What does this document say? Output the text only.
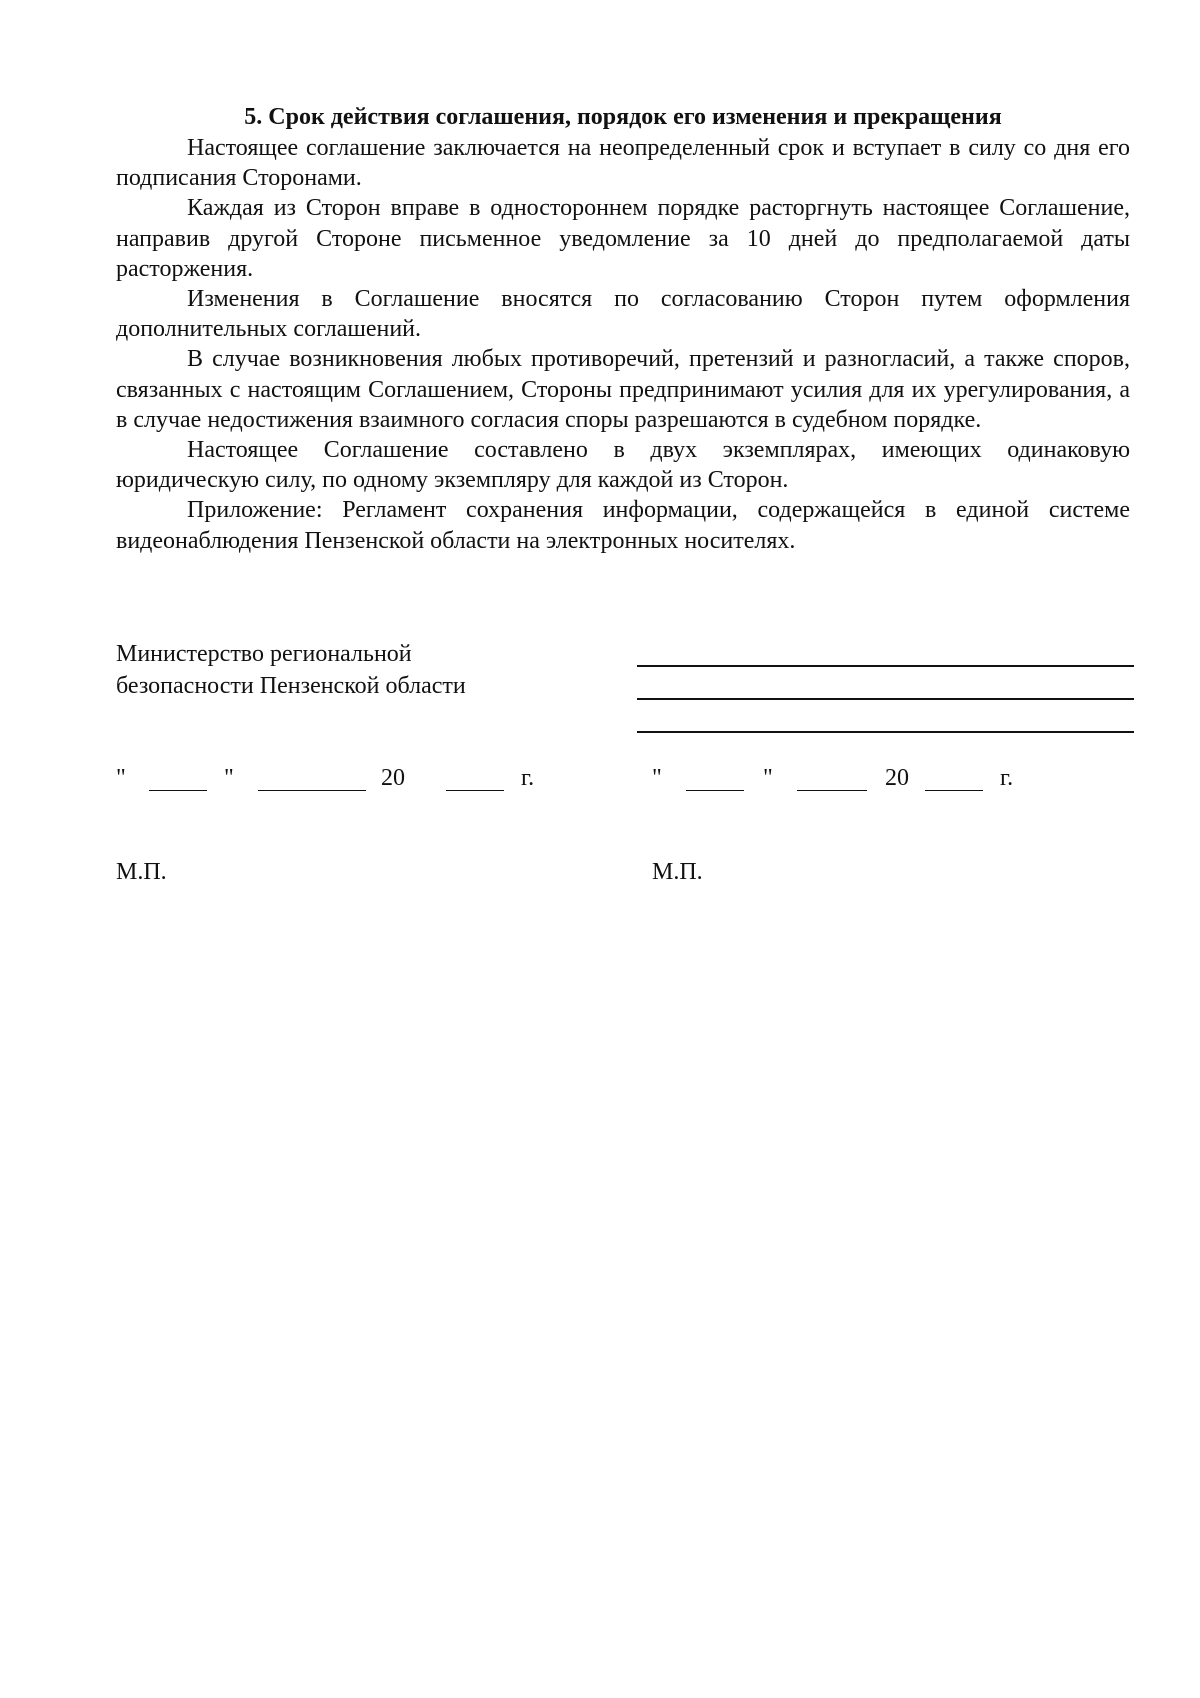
5. Срок действия соглашения, порядок его изменения и прекращения

Настоящее соглашение заключается на неопределенный срок и вступает в силу со дня его подписания Сторонами.

Каждая из Сторон вправе в одностороннем порядке расторгнуть настоящее Соглашение, направив другой Стороне письменное уведомление за 10 дней до предполагаемой даты расторжения.

Изменения в Соглашение вносятся по согласованию Сторон путем оформления дополнительных соглашений.

В случае возникновения любых противоречий, претензий и разногласий, а также споров, связанных с настоящим Соглашением, Стороны предпринимают усилия для их урегулирования, а в случае недостижения взаимного согласия споры разрешаются в судебном порядке.

Настоящее Соглашение составлено в двух экземплярах, имеющих одинаковую юридическую силу, по одному экземпляру для каждой из Сторон.

Приложение: Регламент сохранения информации, содержащейся в единой системе видеонаблюдения Пензенской области на электронных носителях.

Министерство региональной
безопасности Пензенской области
"	"	20	г.	"	"	20	г.
М.П.	М.П.
